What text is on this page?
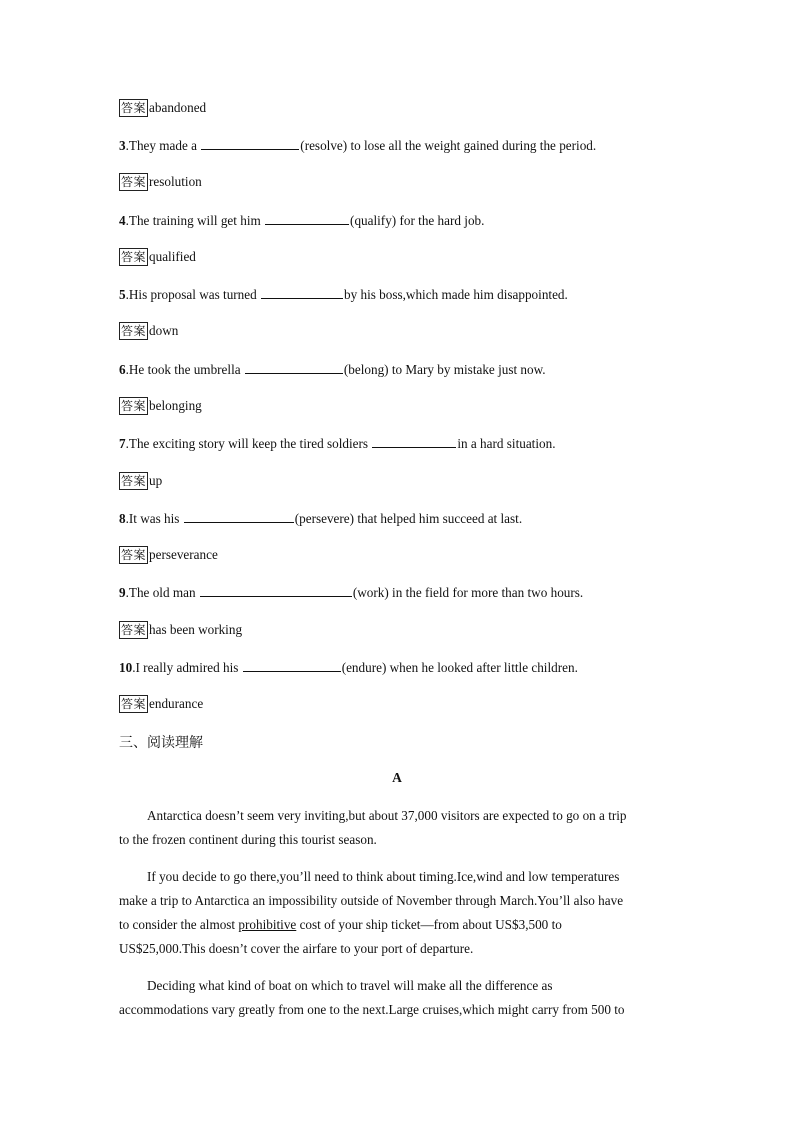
答案 abandoned
3.They made a	(resolve) to lose all the weight gained during the period.
答案 resolution
4.The training will get him	(qualify) for the hard job.
答案 qualified
5.His proposal was turned	by his boss,which made him disappointed.
答案 down
6.He took the umbrella	(belong) to Mary by mistake just now.
答案 belonging
7.The exciting story will keep the tired soldiers	in a hard situation.
答案 up
8.It was his	(persevere) that helped him succeed at last.
答案 perseverance
9.The old man	(work) in the field for more than two hours.
答案 has been working
10.I really admired his	(endure) when he looked after little children.
答案 endurance
三、阅读理解
A
Antarctica doesn’t seem very inviting,but about 37,000 visitors are expected to go on a trip
to the frozen continent during this tourist season.
If you decide to go there,you’ll need to think about timing.Ice,wind and low temperatures
make a trip to Antarctica an impossibility outside of November through March.You’ll also have
to consider the almost prohibitive cost of your ship ticket—from about US$3,500 to
US$25,000.This doesn’t cover the airfare to your port of departure.
Deciding what kind of boat on which to travel will make all the difference as
accommodations vary greatly from one to the next.Large cruises,which might carry from 500 to
